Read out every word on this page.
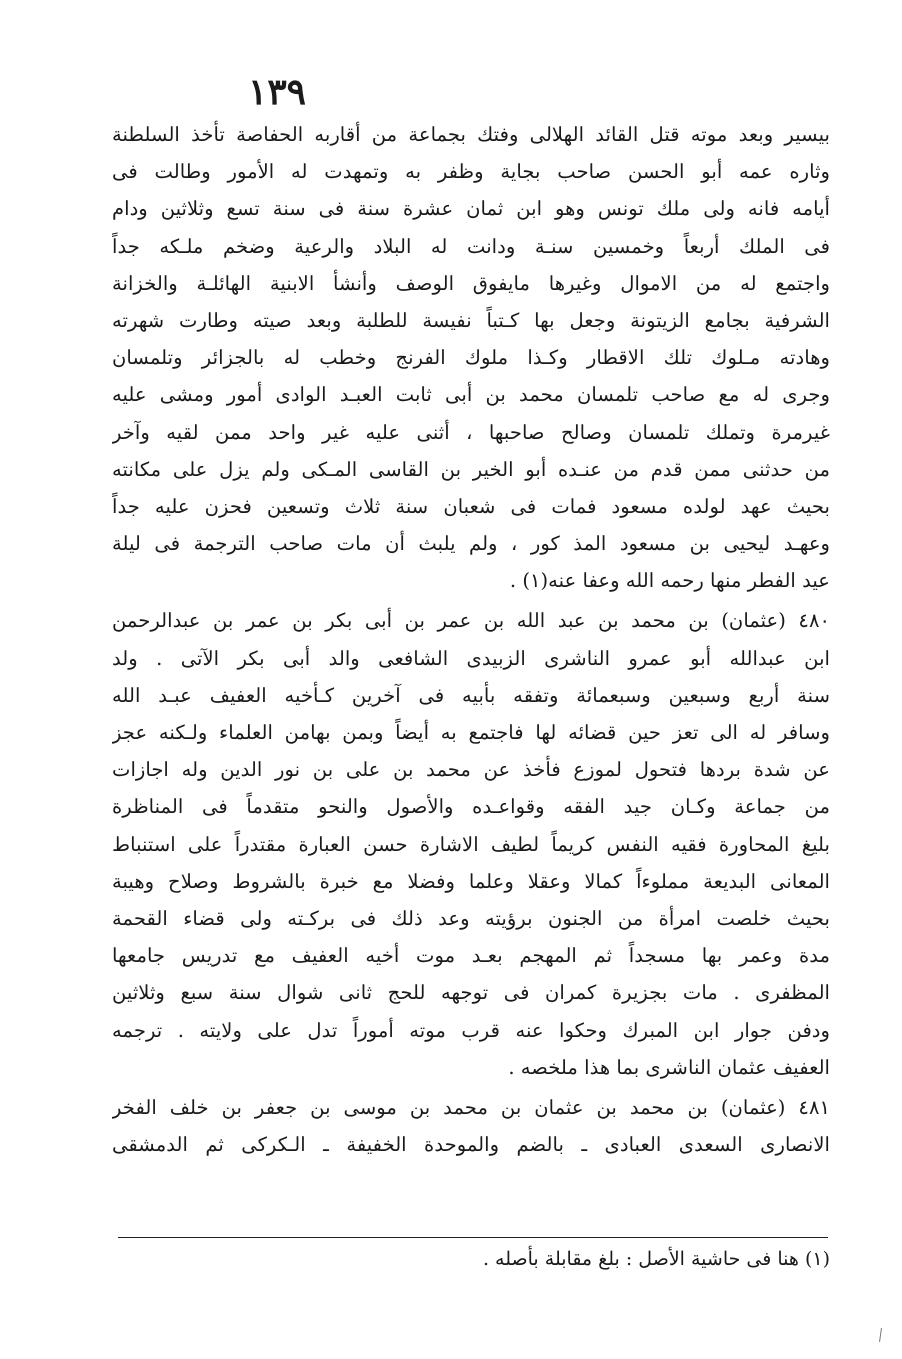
١٣٩
بيسير وبعد موته قتل القائد الهلالى وفتك بجماعة من أقاربه الحفاصة تأخذ السلطنة
وثاره عمه أبو الحسن صاحب بجاية وظفر به وتمهدت له الأمور وطالت فى
أيامه فانه ولى ملك تونس وهو ابن ثمان عشرة سنة فى سنة تسع وثلاثين ودام
فى الملك أربعاً وخمسين سنـة ودانت له البلاد والرعية وضخم ملـكه جداً
واجتمع له من الاموال وغيرها مايفوق الوصف وأنشأ الابنية الهائلـة والخزانة
الشرفية بجامع الزيتونة وجعل بها كـتباً نفيسة للطلبة وبعد صيته وطارت شهرته
وهادته مـلوك تلك الاقطار وكـذا ملوك الفرنج وخطب له بالجزائر وتلمسان
وجرى له مع صاحب تلمسان محمد بن أبى ثابت العبـد الوادى أمور ومشى عليه
غيرمرة وتملك تلمسان وصالح صاحبها ، أثنى عليه غير واحد ممن لقيه وآخر
من حدثنى ممن قدم من عنـده أبو الخير بن القاسى المـكى ولم يزل على مكانته
بحيث عهد لولده مسعود فمات فى شعبان سنة ثلاث وتسعين فحزن عليه جداً
وعهـد ليحيى بن مسعود المذ كور ، ولم يلبث أن مات صاحب الترجمة فى ليلة
عيد الفطر منها رحمه الله وعفا عنه(١) .
٤٨٠ (عثمان) بن محمد بن عبد الله بن عمر بن أبى بكر بن عمر بن عبدالرحمن
ابن عبدالله أبو عمرو الناشرى الزبيدى الشافعى والد أبى بكر الآتى . ولد
سنة أربع وسبعين وسبعمائة وتفقه بأبيه فى آخرين كـأخيه العفيف عبـد الله
وسافر له الى تعز حين قضائه لها فاجتمع به أيضاً وبمن بهامن العلماء ولـكنه عجز
عن شدة بردها فتحول لموزع فأخذ عن محمد بن على بن نور الدين وله اجازات
من جماعة وكـان جيد الفقه وقواعـده والأصول والنحو متقدماً فى المناظرة
بليغ المحاورة فقيه النفس كريماً لطيف الاشارة حسن العبارة مقتدراً على استنباط
المعانى البديعة مملوءاً كمالا وعقلا وعلما وفضلا مع خبرة بالشروط وصلاح وهيبة
بحيث خلصت امرأة من الجنون برؤيته وعد ذلك فى بركـته ولى قضاء القحمة
مدة وعمر بها مسجداً ثم المهجم بعـد موت أخيه العفيف مع تدريس جامعها
المظفرى . مات بجزيرة كمران فى توجهه للحج ثانى شوال سنة سبع وثلاثين
ودفن جوار ابن المبرك وحكوا عنه قرب موته أموراً تدل على ولايته . ترجمه
العفيف عثمان الناشرى بما هذا ملخصه .
٤٨١ (عثمان) بن محمد بن عثمان بن محمد بن موسى بن جعفر بن خلف الفخر
الانصارى السعدى العبادى ـ بالضم والموحدة الخفيفة ـ الـكركى ثم الدمشقى

(١) هنا فى حاشية الأصل : بلغ مقابلة بأصله .
